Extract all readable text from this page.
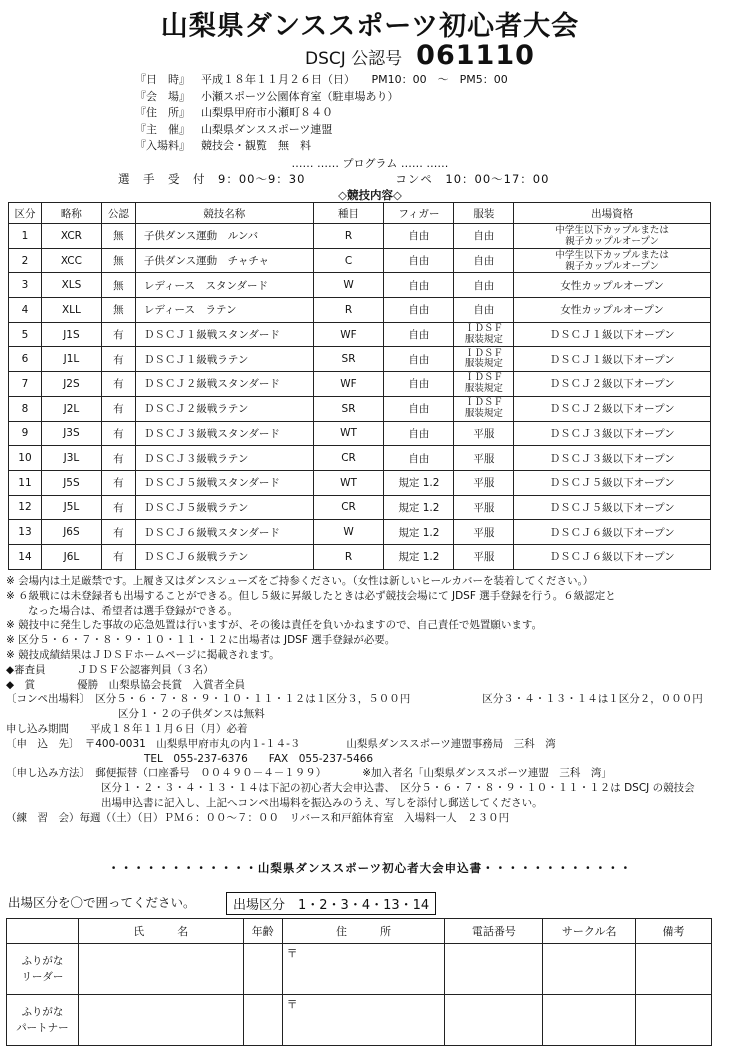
山梨県ダンススポーツ初心者大会
DSCJ 公認号 061110
『日　時』 平成１８年１１月２６日（日）　　PM10：00　～　PM5：00
『会　場』 小瀬スポーツ公園体育室（駐車場あり）
『住　所』 山梨県甲府市小瀬町８４０
『主　催』 山梨県ダンススポーツ連盟
『入場料』 競技会・観覧　無　料
…… …… プログラム …… ……
選　手　受　付　9：00～9：30	コンペ　10：00～17：00
◇競技内容◇
区分	略称	公認	競技名称	種目	フィガー	服装	出場資格
1	XCR	無	子供ダンス運動　ルンバ	R	自由	自由	中学生以下カップルまたは
親子カップルオープン
2	XCC	無	子供ダンス運動　チャチャ	C	自由	自由	中学生以下カップルまたは
親子カップルオープン
3	XLS	無	レディース　スタンダード	W	自由	自由	女性カップルオープン
4	XLL	無	レディース　ラテン	R	自由	自由	女性カップルオープン
5	J1S	有	ＤＳＣＪ１級戦スタンダード	WF	自由	ＩＤＳＦ
服装規定	ＤＳＣＪ１級以下オープン
6	J1L	有	ＤＳＣＪ１級戦ラテン	SR	自由	ＩＤＳＦ
服装規定	ＤＳＣＪ１級以下オープン
7	J2S	有	ＤＳＣＪ２級戦スタンダード	WF	自由	ＩＤＳＦ
服装規定	ＤＳＣＪ２級以下オープン
8	J2L	有	ＤＳＣＪ２級戦ラテン	SR	自由	ＩＤＳＦ
服装規定	ＤＳＣＪ２級以下オープン
9	J3S	有	ＤＳＣＪ３級戦スタンダード	WT	自由	平服	ＤＳＣＪ３級以下オープン
10	J3L	有	ＤＳＣＪ３級戦ラテン	CR	自由	平服	ＤＳＣＪ３級以下オープン
11	J5S	有	ＤＳＣＪ５級戦スタンダード	WT	規定 1.2	平服	ＤＳＣＪ５級以下オープン
12	J5L	有	ＤＳＣＪ５級戦ラテン	CR	規定 1.2	平服	ＤＳＣＪ５級以下オープン
13	J6S	有	ＤＳＣＪ６級戦スタンダード	W	規定 1.2	平服	ＤＳＣＪ６級以下オープン
14	J6L	有	ＤＳＣＪ６級戦ラテン	R	規定 1.2	平服	ＤＳＣＪ６級以下オープン
※ 会場内は土足厳禁です。上履き又はダンスシューズをご持参ください。（女性は新しいヒールカバーを装着してください。）
※ ６級戦には未登録者も出場することができる。但し５級に昇級したときは必ず競技会場にて JDSF 選手登録を行う。６級認定と
なった場合は、希望者は選手登録ができる。
※ 競技中に発生した事故の応急処置は行いますが、その後は責任を負いかねますので、自己責任で処置願います。
※ 区分５・６・７・８・９・１０・１１・１２に出場者は JDSF 選手登録が必要。
※ 競技成績結果はＪＤＳＦホームページに掲載されます。
◆審査員　　　ＪＤＳＦ公認審判員（３名）
◆　賞　　　　優勝　山梨県協会長賞　入賞者全員
〔コンペ出場料〕　区分５・６・７・８・９・１０・１１・１２は１区分３，５００円	区分３・４・１３・１４は１区分２，０００円
区分１・２の子供ダンスは無料
申し込み期間　　平成１８年１１月６日（月）必着
〔申　込　先〕　〒400-0031　山梨県甲府市丸の内１-１４-３	山梨県ダンススポーツ連盟事務局　三科　湾
TEL　055-237-6376　　FAX　055-237-5466
〔申し込み方法〕　郵便振替（口座番号　００４９０－４－１９９）	※加入者名「山梨県ダンススポーツ連盟　三科　湾」
区分１・２・３・４・１３・１４は下記の初心者大会申込書、　区分５・６・７・８・９・１０・１１・１２は DSCJ の競技会
出場申込書に記入し、上記へコンペ出場料を振込みのうえ、写しを添付し郵送してください。
（練　習　会）毎週（（土）（日）ＰＭ６：００～７：００　リバース和戸舘体育室　入場料一人　２３０円
・・・・・・・・・・・・山梨県ダンススポーツ初心者大会申込書・・・・・・・・・・・・
出場区分を〇で囲ってください。	出場区分　1・2・3・4・13・14
	氏　　　名	年齢	住　　　所	電話番号	サークル名	備考
ふりがな
リーダー			〒			

ふりがな
パートナー			〒			
